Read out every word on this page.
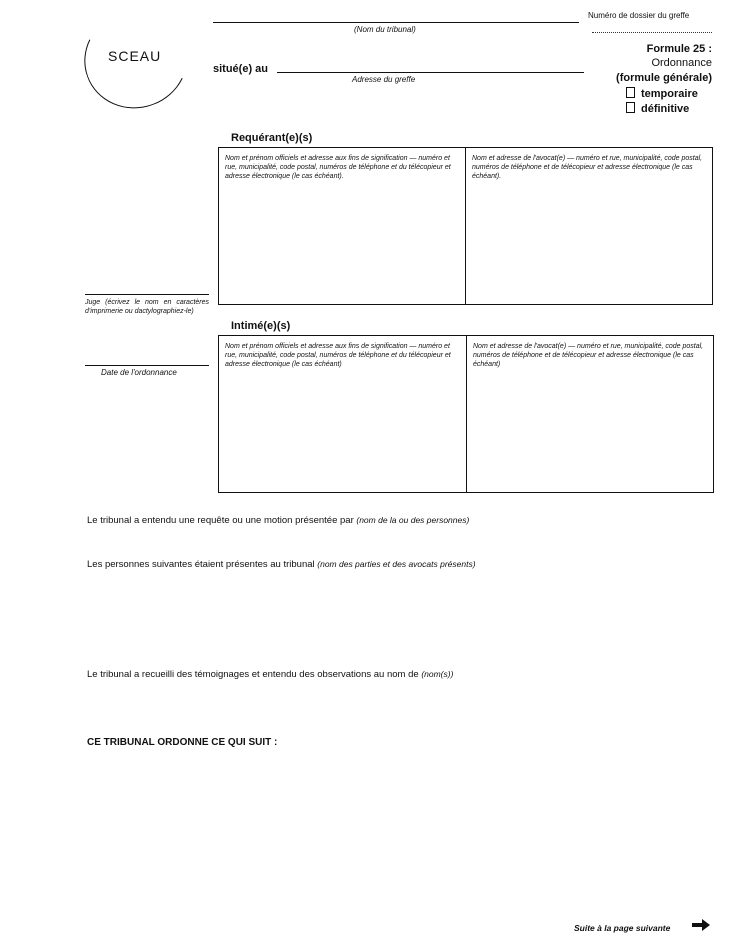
SCEAU
(Nom du tribunal)
situé(e) au
Adresse du greffe
Numéro de dossier du greffe
Formule 25 :
Ordonnance
(formule générale)
temporaire
définitive
Requérant(e)(s)
Nom et prénom officiels et adresse aux fins de signification — numéro et rue, municipalité, code postal, numéros de téléphone et du télécopieur et adresse électronique (le cas échéant).
Nom et adresse de l'avocat(e) — numéro et rue, municipalité, code postal, numéros de téléphone et de télécopieur et adresse électronique (le cas échéant).
Juge (écrivez le nom en caractères d'imprimerie ou dactylographiez-le)
Intimé(e)(s)
Nom et prénom officiels et adresse aux fins de signification — numéro et rue, municipalité, code postal, numéros de téléphone et du télécopieur et adresse électronique (le cas échéant)
Nom et adresse de l'avocat(e) — numéro et rue, municipalité, code postal, numéros de téléphone et de télécopieur et adresse électronique (le cas échéant)
Date de l'ordonnance
Le tribunal a entendu une requête ou une motion présentée par (nom de la ou des personnes)
Les personnes suivantes étaient présentes au tribunal (nom des parties et des avocats présents)
Le tribunal a recueilli des témoignages et entendu des observations au nom de (nom(s))
CE TRIBUNAL ORDONNE CE QUI SUIT :
Suite à la page suivante
